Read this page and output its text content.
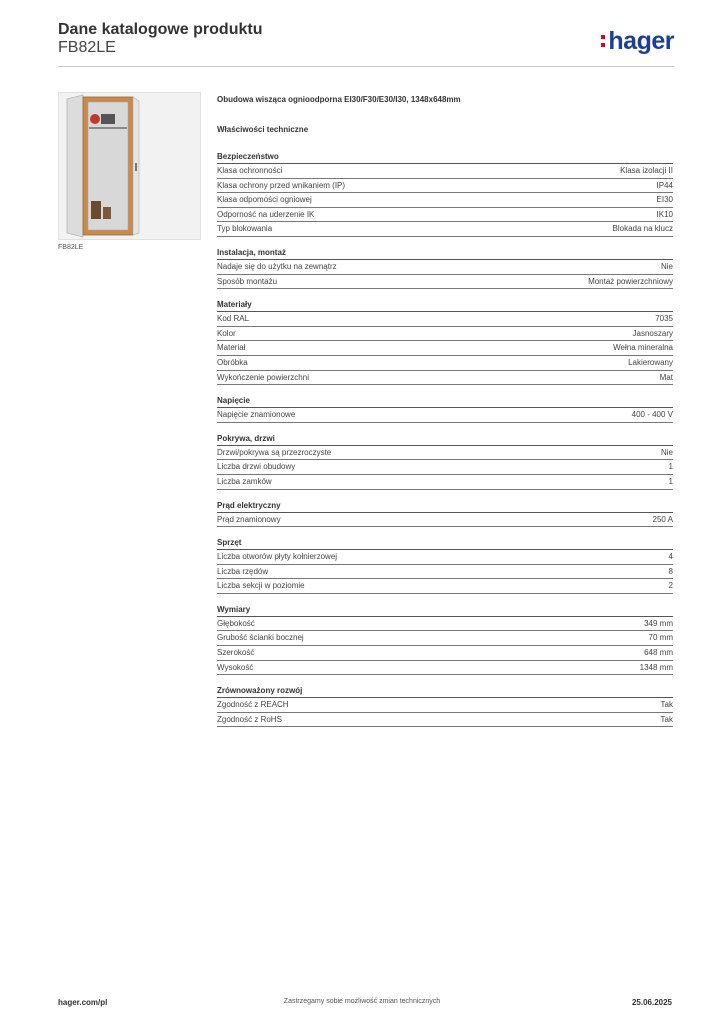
Dane katalogowe produktu
FB82LE	hager
FB82LE
Obudowa wisząca ognioodporna EI30/F30/E30/I30, 1348x648mm
Właściwości techniczne
Bezpieczeństwo
Klasa ochronności	Klasa izolacji II
Klasa ochrony przed wnikaniem (IP)	IP44
Klasa odpomości ogniowej	EI30
Odporność na uderzenie IK	IK10
Typ blokowania	Blokada na klucz
Instalacja, montaż
Nadaje się do użytku na zewnątrz	Nie
Sposób montażu	Montaż powierzchniowy
Materiały
Kod RAL	7035
Kolor	Jasnoszary
Materiał	Wełna mineralna
Obróbka	Lakierowany
Wykończenie powierzchni	Mat
Napięcie
Napięcie znamionowe	400 - 400 V
Pokrywa, drzwi
Drzwi/pokrywa są przezroczyste	Nie
Liczba drzwi obudowy	1
Liczba zamków	1
Prąd elektryczny
Prąd znamionowy	250 A
Sprzęt
Liczba otworów płyty kołnierzowej	4
Liczba rzędów	8
Liczba sekcji w poziomie	2
Wymiary
Głębokość	349 mm
Grubość ścianki bocznej	70 mm
Szerokość	648 mm
Wysokość	1348 mm
Zrównoważony rozwój
Zgodność z REACH	Tak
Zgodność z RoHS	Tak
hager.com/pl	Zastrzegamy sobie możliwość zmian technicznych	25.06.2025
